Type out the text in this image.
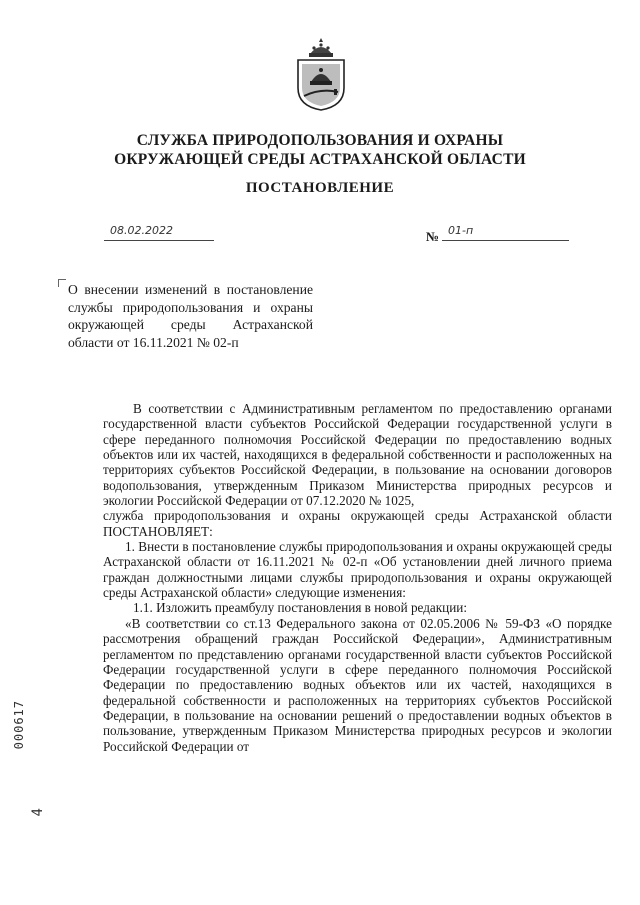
СЛУЖБА ПРИРОДОПОЛЬЗОВАНИЯ И ОХРАНЫ
ОКРУЖАЮЩЕЙ СРЕДЫ АСТРАХАНСКОЙ ОБЛАСТИ
ПОСТАНОВЛЕНИЕ
08.02.2022	№ 01-п
О внесении изменений в постановление службы природопользования и охраны окружающей среды Астраханской области от 16.11.2021 № 02-п

В соответствии с Административным регламентом по предоставлению органами государственной власти субъектов Российской Федерации государственной услуги в сфере переданного полномочия Российской Федерации по предоставлению водных объектов или их частей, находящихся в федеральной собственности и расположенных на территориях субъектов Российской Федерации, в пользование на основании договоров водопользования, утвержденным Приказом Министерства природных ресурсов и экологии Российской Федерации от 07.12.2020 № 1025,

служба природопользования и охраны окружающей среды Астраханской области ПОСТАНОВЛЯЕТ:

1. Внести в постановление службы природопользования и охраны окружающей среды Астраханской области от 16.11.2021 № 02-п «Об установлении дней личного приема граждан должностными лицами службы природопользования и охраны окружающей среды Астраханской области» следующие изменения:

1.1. Изложить преамбулу постановления в новой редакции:

«В соответствии со ст.13 Федерального закона от 02.05.2006 № 59-ФЗ «О порядке рассмотрения обращений граждан Российской Федерации», Административным регламентом по представлению органами государственной власти субъектов Российской Федерации государственной услуги в сфере переданного полномочия Российской Федерации по предоставлению водных объектов или их частей, находящихся в федеральной собственности и расположенных на территориях субъектов Российской Федерации, в пользование на основании решений о предоставлении водных объектов в пользование, утвержденным Приказом Министерства природных ресурсов и экологии Российской Федерации от

000617
4
